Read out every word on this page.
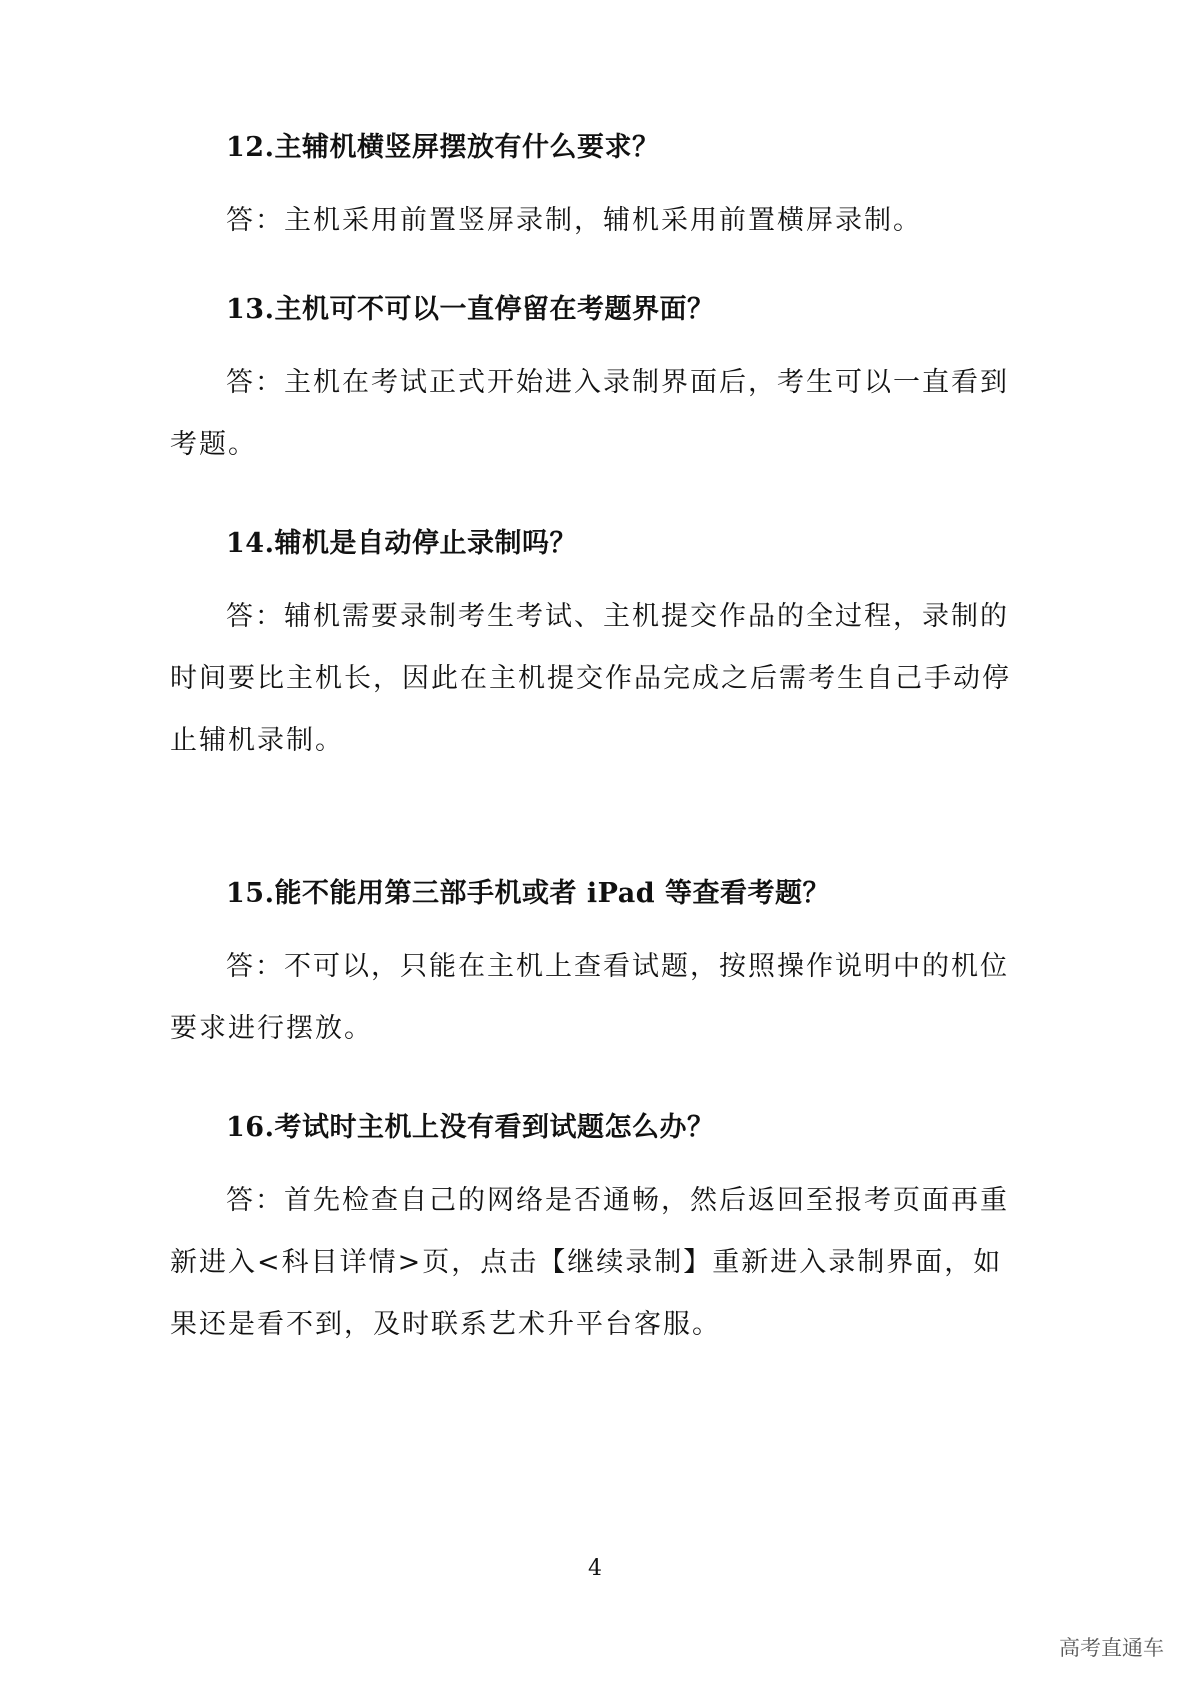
12.主辅机横竖屏摆放有什么要求？

答：主机采用前置竖屏录制，辅机采用前置横屏录制。

13.主机可不可以一直停留在考题界面？

答：主机在考试正式开始进入录制界面后，考生可以一直看到考题。

14.辅机是自动停止录制吗？

答：辅机需要录制考生考试、主机提交作品的全过程，录制的时间要比主机长，因此在主机提交作品完成之后需考生自己手动停止辅机录制。

15.能不能用第三部手机或者 iPad 等查看考题？

答：不可以，只能在主机上查看试题，按照操作说明中的机位要求进行摆放。

16.考试时主机上没有看到试题怎么办？

答：首先检查自己的网络是否通畅，然后返回至报考页面再重新进入<科目详情>页，点击【继续录制】重新进入录制界面，如果还是看不到，及时联系艺术升平台客服。

4
高考直通车
